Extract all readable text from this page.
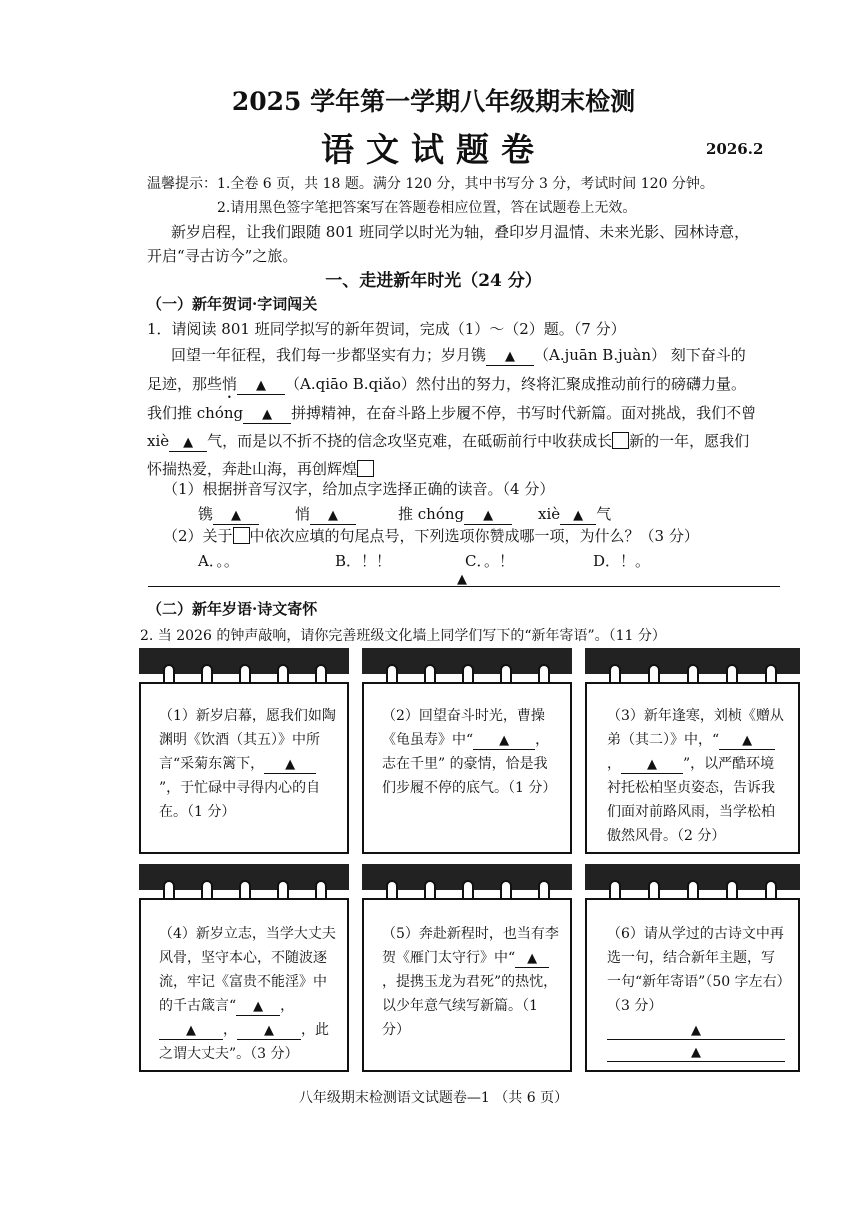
2025 学年第一学期八年级期末检测
语文试题卷	2026.2
温馨提示：1.全卷 6 页，共 18 题。满分 120 分，其中书写分 3 分，考试时间 120 分钟。
2.请用黑色签字笔把答案写在答题卷相应位置，答在试题卷上无效。
新岁启程，让我们跟随 801 班同学以时光为轴，叠印岁月温情、未来光影、园林诗意，
开启“寻古访今”之旅。
一、走进新年时光（24 分）
（一）新年贺词·字词闯关
1．请阅读 801 班同学拟写的新年贺词，完成（1）～（2）题。（7 分）
回望一年征程，我们每一步都坚实有力；岁月镌 ▲ （A.juān B.juàn） 刻下奋斗的
足迹，那些悄 ▲ （A.qiāo B.qiǎo）然付出的努力，终将汇聚成推动前行的磅礴力量。
我们推 chóng ▲ 拼搏精神，在奋斗路上步履不停，书写时代新篇。面对挑战，我们不曾
xiè ▲ 气，而是以不折不挠的信念攻坚克难，在砥砺前行中收获成长 新的一年，愿我们
怀揣热爱，奔赴山海，再创辉煌
（1）根据拼音写汉字，给加点字选择正确的读音。（4 分）
镌 ▲	悄 ▲	推 chóng ▲	xiè ▲ 气
（2）关于 中依次应填的句尾点号，下列选项你赞成哪一项，为什么？（3 分）
A．。。	B．！！	C．。！	D．！。
▲
（二）新年岁语·诗文寄怀
2. 当 2026 的钟声敲响，请你完善班级文化墙上同学们写下的“新年寄语”。（11 分）
（1）新岁启幕，愿我们如陶渊明《饮酒（其五）》中所言“采菊东篱下， ▲”，于忙碌中寻得内心的自在。（1 分）
（2）回望奋斗时光，曹操《龟虽寿》中“ ▲ ，志在千里” 的豪情，恰是我们步履不停的底气。（1 分）
（3）新年逢寒，刘桢《赠从弟（其二）》中，“ ▲， ▲ ”，以严酷环境衬托松柏坚贞姿态，告诉我们面对前路风雨，当学松柏傲然风骨。（2 分）
（4）新岁立志，当学大丈夫风骨，坚守本心，不随波逐流，牢记《富贵不能淫》中的千古箴言“ ▲ ，▲ ， ▲ ，此之谓大丈夫”。（3 分）
（5）奔赴新程时，也当有李贺《雁门太守行》中“ ▲，提携玉龙为君死”的热忱，以少年意气续写新篇。（1 分）
（6）请从学过的古诗文中再选一句，结合新年主题，写一句“新年寄语”（50 字左右）（3 分）
▲
▲
八年级期末检测语文试题卷—1 （共 6 页）
